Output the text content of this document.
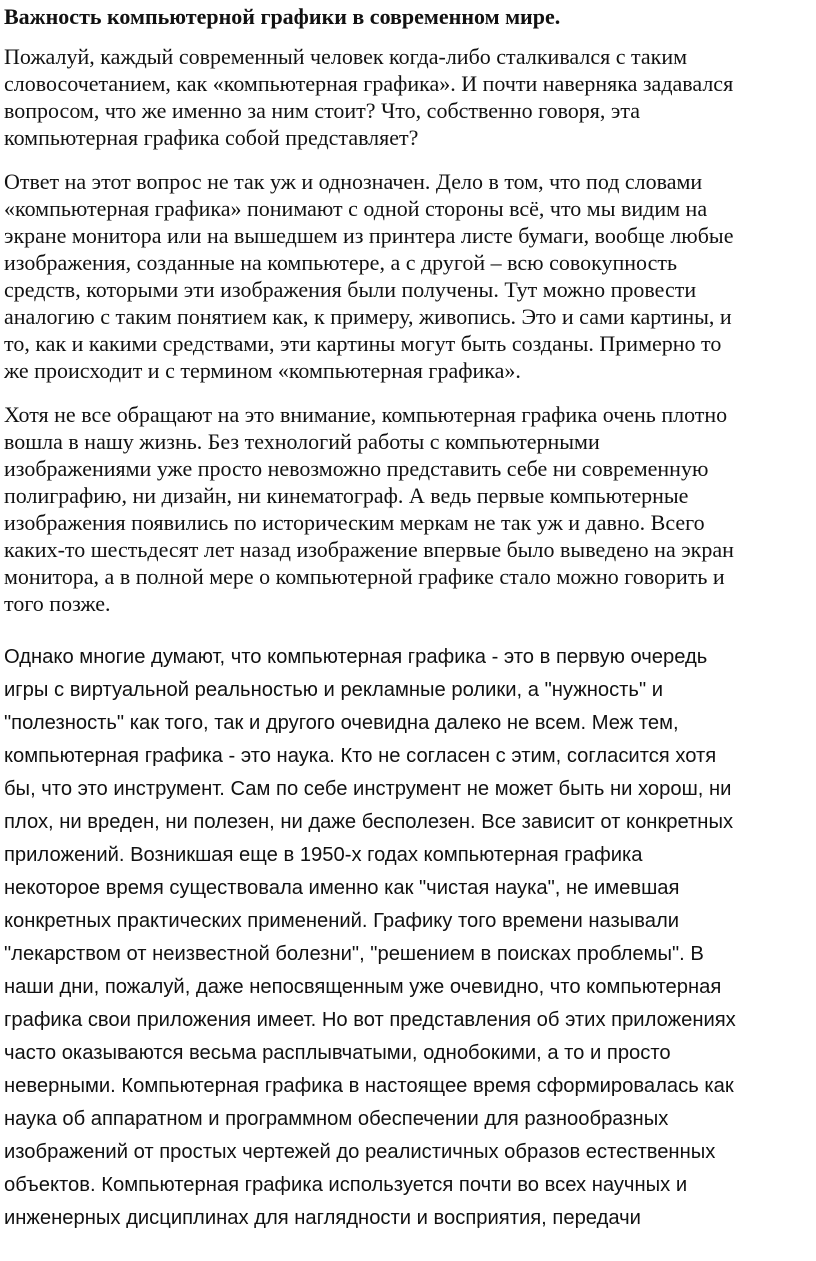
Важность компьютерной графики в современном мире.

Пожалуй, каждый современный человек когда-либо сталкивался с таким
словосочетанием, как «компьютерная графика». И почти наверняка задавался
вопросом, что же именно за ним стоит? Что, собственно говоря, эта
компьютерная графика собой представляет?

Ответ на этот вопрос не так уж и однозначен. Дело в том, что под словами
«компьютерная графика» понимают с одной стороны всё, что мы видим на
экране монитора или на вышедшем из принтера листе бумаги, вообще любые
изображения, созданные на компьютере, а с другой – всю совокупность
средств, которыми эти изображения были получены. Тут можно провести
аналогию с таким понятием как, к примеру, живопись. Это и сами картины, и
то, как и какими средствами, эти картины могут быть созданы. Примерно то
же происходит и с термином «компьютерная графика».

Хотя не все обращают на это внимание, компьютерная графика очень плотно
вошла в нашу жизнь. Без технологий работы с компьютерными
изображениями уже просто невозможно представить себе ни современную
полиграфию, ни дизайн, ни кинематограф. А ведь первые компьютерные
изображения появились по историческим меркам не так уж и давно. Всего
каких-то шестьдесят лет назад изображение впервые было выведено на экран
монитора, а в полной мере о компьютерной графике стало можно говорить и
того позже.

Однако многие думают, что компьютерная графика - это в первую очередь
игры с виртуальной реальностью и рекламные ролики, а "нужность" и
"полезность" как того, так и другого очевидна далеко не всем. Меж тем,
компьютерная графика - это наука. Кто не согласен с этим, согласится хотя
бы, что это инструмент. Сам по себе инструмент не может быть ни хорош, ни
плох, ни вреден, ни полезен, ни даже бесполезен. Все зависит от конкретных
приложений. Возникшая еще в 1950-х годах компьютерная графика
некоторое время существовала именно как "чистая наука", не имевшая
конкретных практических применений. Графику того времени называли
"лекарством от неизвестной болезни", "решением в поисках проблемы". В
наши дни, пожалуй, даже непосвященным уже очевидно, что компьютерная
графика свои приложения имеет. Но вот представления об этих приложениях
часто оказываются весьма расплывчатыми, однобокими, а то и просто
неверными. Компьютерная графика в настоящее время сформировалась как
наука об аппаратном и программном обеспечении для разнообразных
изображений от простых чертежей до реалистичных образов естественных
объектов. Компьютерная графика используется почти во всех научных и
инженерных дисциплинах для наглядности и восприятия, передачи
